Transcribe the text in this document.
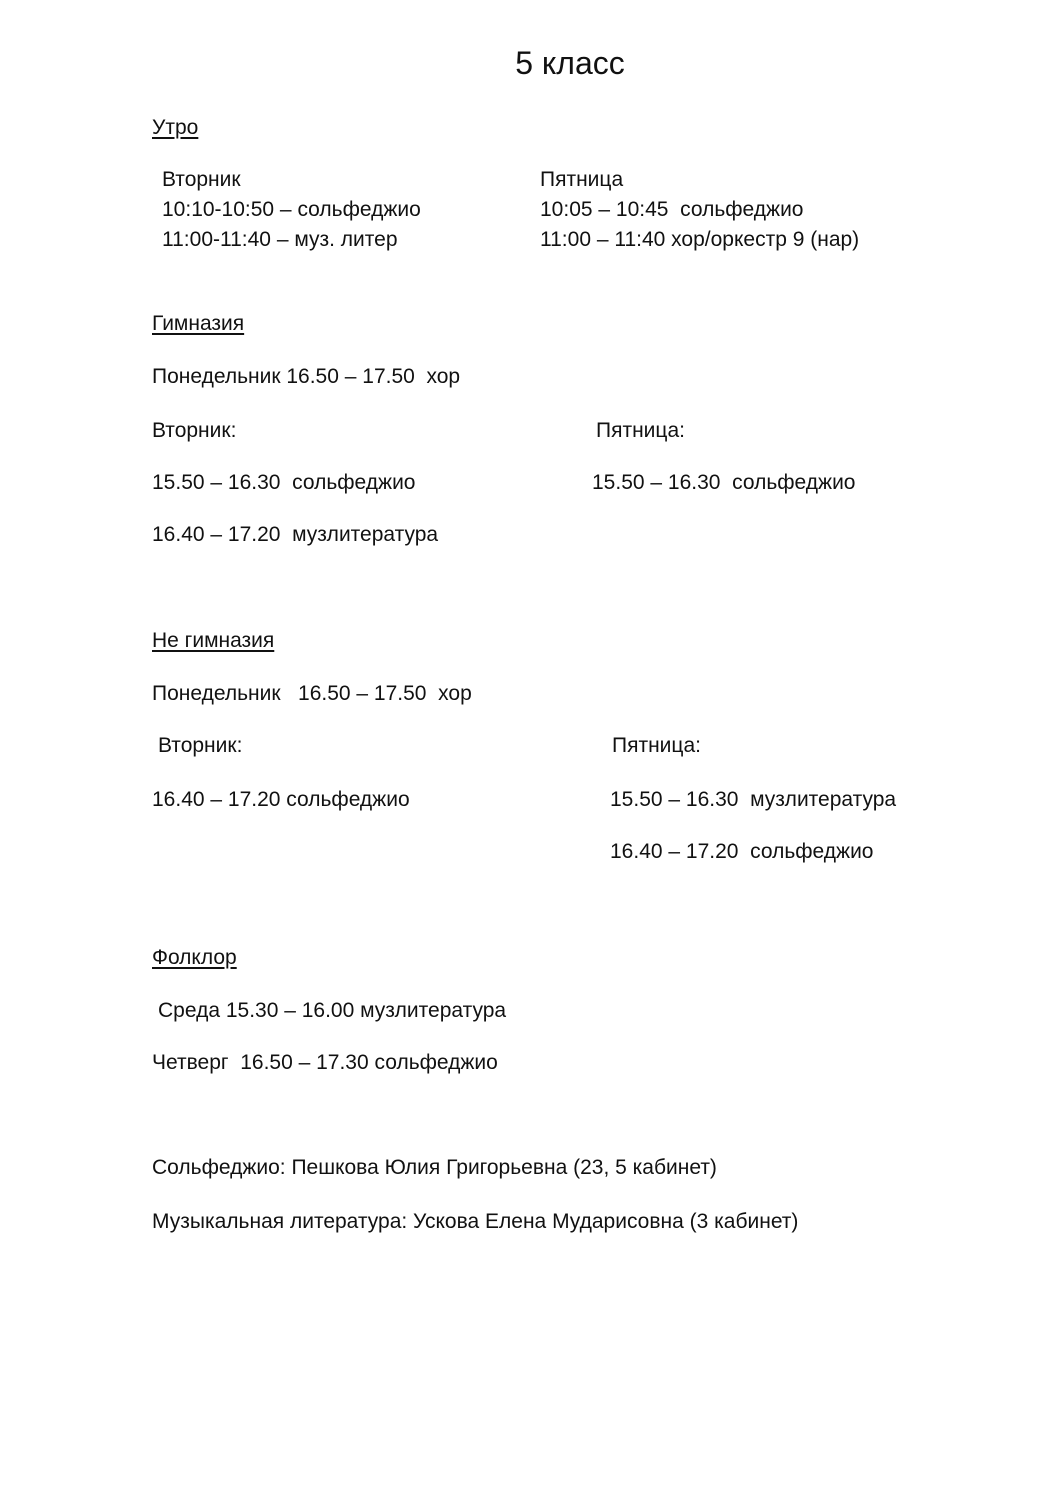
5 класс

Утро

Вторник

10:10-10:50 – сольфеджио

11:00-11:40 – муз. литер

Пятница

10:05 – 10:45  сольфеджио

11:00 – 11:40 хор/оркестр 9 (нар)

Гимназия

Понедельник 16.50 – 17.50  хор

Вторник:

15.50 – 16.30  сольфеджио

16.40 – 17.20  музлитература

Пятница:

15.50 – 16.30  сольфеджио

Не гимназия

Понедельник   16.50 – 17.50  хор

Вторник:

16.40 – 17.20 сольфеджио

Пятница:

15.50 – 16.30  музлитература

16.40 – 17.20  сольфеджио

Фолклор

Среда 15.30 – 16.00 музлитература

Четверг  16.50 – 17.30 сольфеджио

Сольфеджио: Пешкова Юлия Григорьевна (23, 5 кабинет)

Музыкальная литература: Ускова Елена Мударисовна (3 кабинет)
